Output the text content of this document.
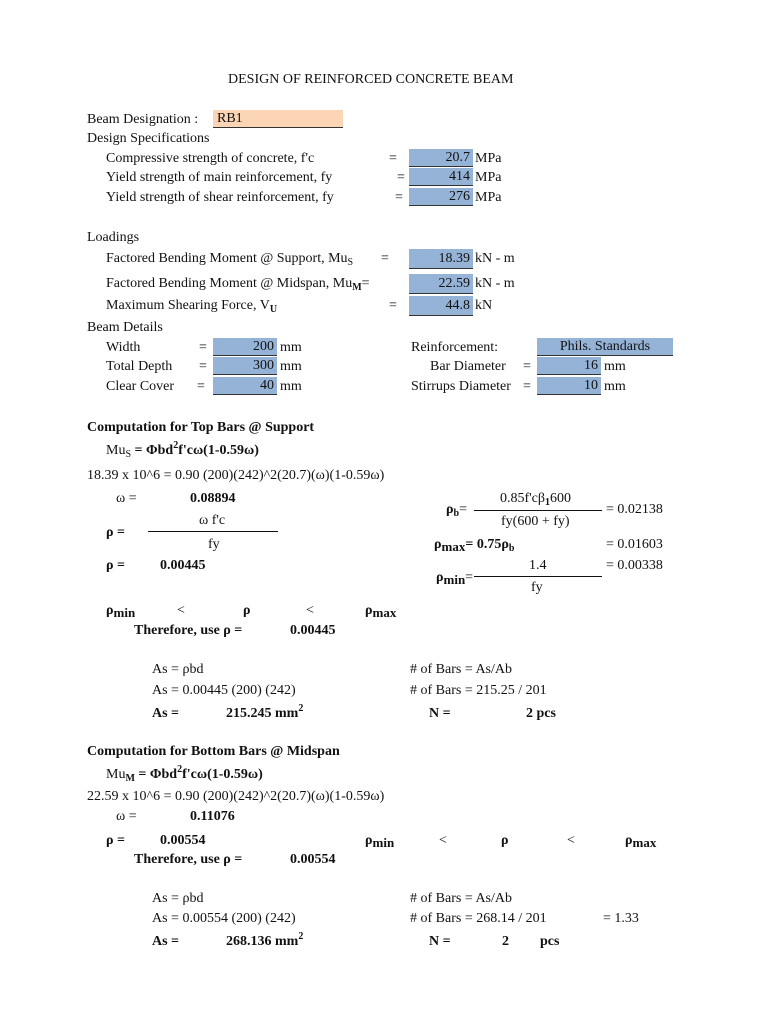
DESIGN OF REINFORCED CONCRETE BEAM
Beam Designation : RB1
Design Specifications
Compressive strength of concrete, f'c	=	20.7 MPa
Yield strength of main reinforcement, fy	=	414 MPa
Yield strength of shear reinforcement, fy	=	276 MPa
Loadings
Factored Bending Moment @ Support, $Mu_S$ =	18.39 kN - m
Factored Bending Moment @ Midspan, $Mu_M=$	22.59 kN - m
Maximum Shearing Force, $V_U$	=	44.8 kN
Beam Details
Width	=	200 mm
Total Depth =	300 mm
Clear Cover =	40 mm
Reinforcement:	Phils. Standards
Bar Diameter =	16 mm
Stirrups Diameter =	10 mm
Computation for Top Bars @ Support
$Mu_S = \Phi bd^2f'c\omega(1-0.59\omega)$
18.39 x 10^6 = 0.90 (200)(242)^2(20.7)(ω)(1-0.59ω)
ω =	0.08894
ρ =
ω f'c
fy
ρ =	0.00445
$\rho_b=$
$0.85f'c\beta_1600$
fy(600 + fy)
= 0.02138
$\rho_{max}= 0.75\rho_b$	= 0.01603
$\rho_{min}=$
1.4
fy
= 0.00338
$\rho_{min}$	<	ρ	<	$\rho_{max}$
Therefore, use ρ =	0.00445
As = ρbd
As = 0.00445 (200) (242)
As =	215.245 $mm^2$
# of Bars = As/Ab
# of Bars = 215.25 / 201
N =	2 pcs
Computation for Bottom Bars @ Midspan
$Mu_M = \Phi bd^2f'c\omega(1-0.59\omega)$
22.59 x 10^6 = 0.90 (200)(242)^2(20.7)(ω)(1-0.59ω)
ω =	0.11076
ρ =	0.00554	$\rho_{min}$	<	ρ	<	$\rho_{max}$
Therefore, use ρ =	0.00554
As = ρbd
As = 0.00554 (200) (242)
As =	268.136 $mm^2$
# of Bars = As/Ab
# of Bars = 268.14 / 201	= 1.33
N =	2 pcs
